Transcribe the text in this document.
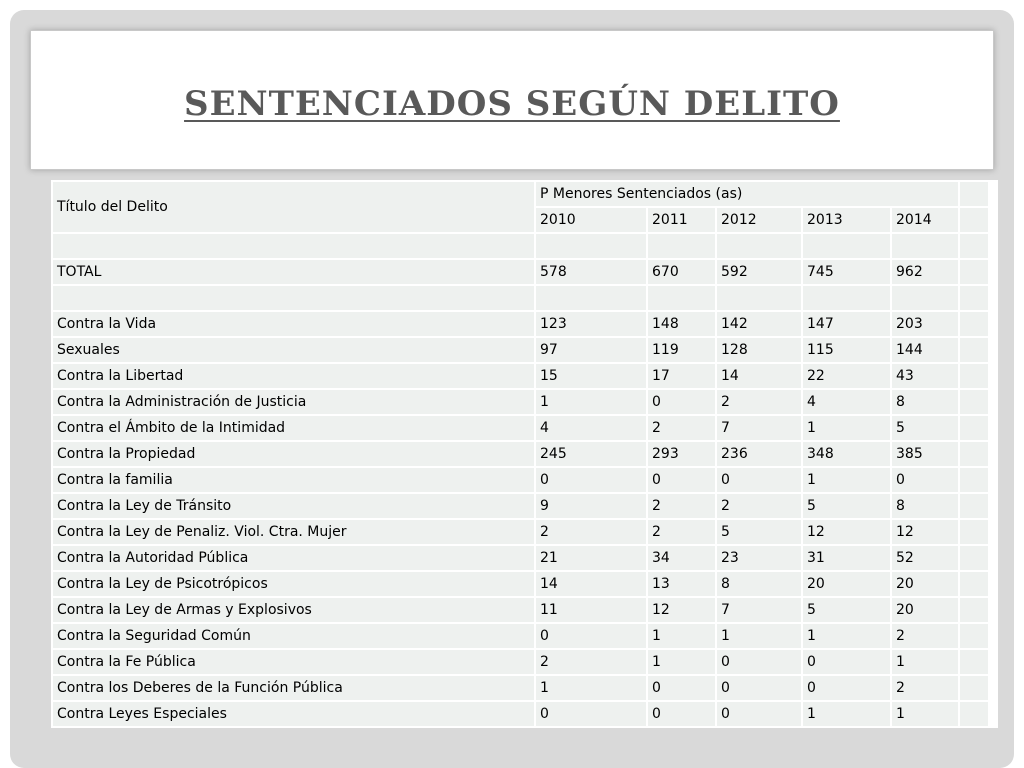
SENTENCIADOS SEGÚN DELITO
Título del Delito	P Menores Sentenciados (as)					
	2010	2011	2012	2013	2014	

TOTAL	578	670	592	745	962	

Contra la Vida	123	148	142	147	203	
Sexuales	97	119	128	115	144	
Contra la Libertad	15	17	14	22	43	
Contra la Administración de Justicia	1	0	2	4	8	
Contra el Ámbito de la Intimidad	4	2	7	1	5	
Contra la Propiedad	245	293	236	348	385	
Contra la familia	0	0	0	1	0	
Contra la Ley de Tránsito	9	2	2	5	8	
Contra la Ley de Penaliz. Viol. Ctra. Mujer	2	2	5	12	12	
Contra la Autoridad Pública	21	34	23	31	52	
Contra la Ley de Psicotrópicos	14	13	8	20	20	
Contra la Ley de Armas y Explosivos	11	12	7	5	20	
Contra la Seguridad Común	0	1	1	1	2	
Contra la Fe Pública	2	1	0	0	1	
Contra los Deberes de la Función Pública	1	0	0	0	2	
Contra Leyes Especiales	0	0	0	1	1	
